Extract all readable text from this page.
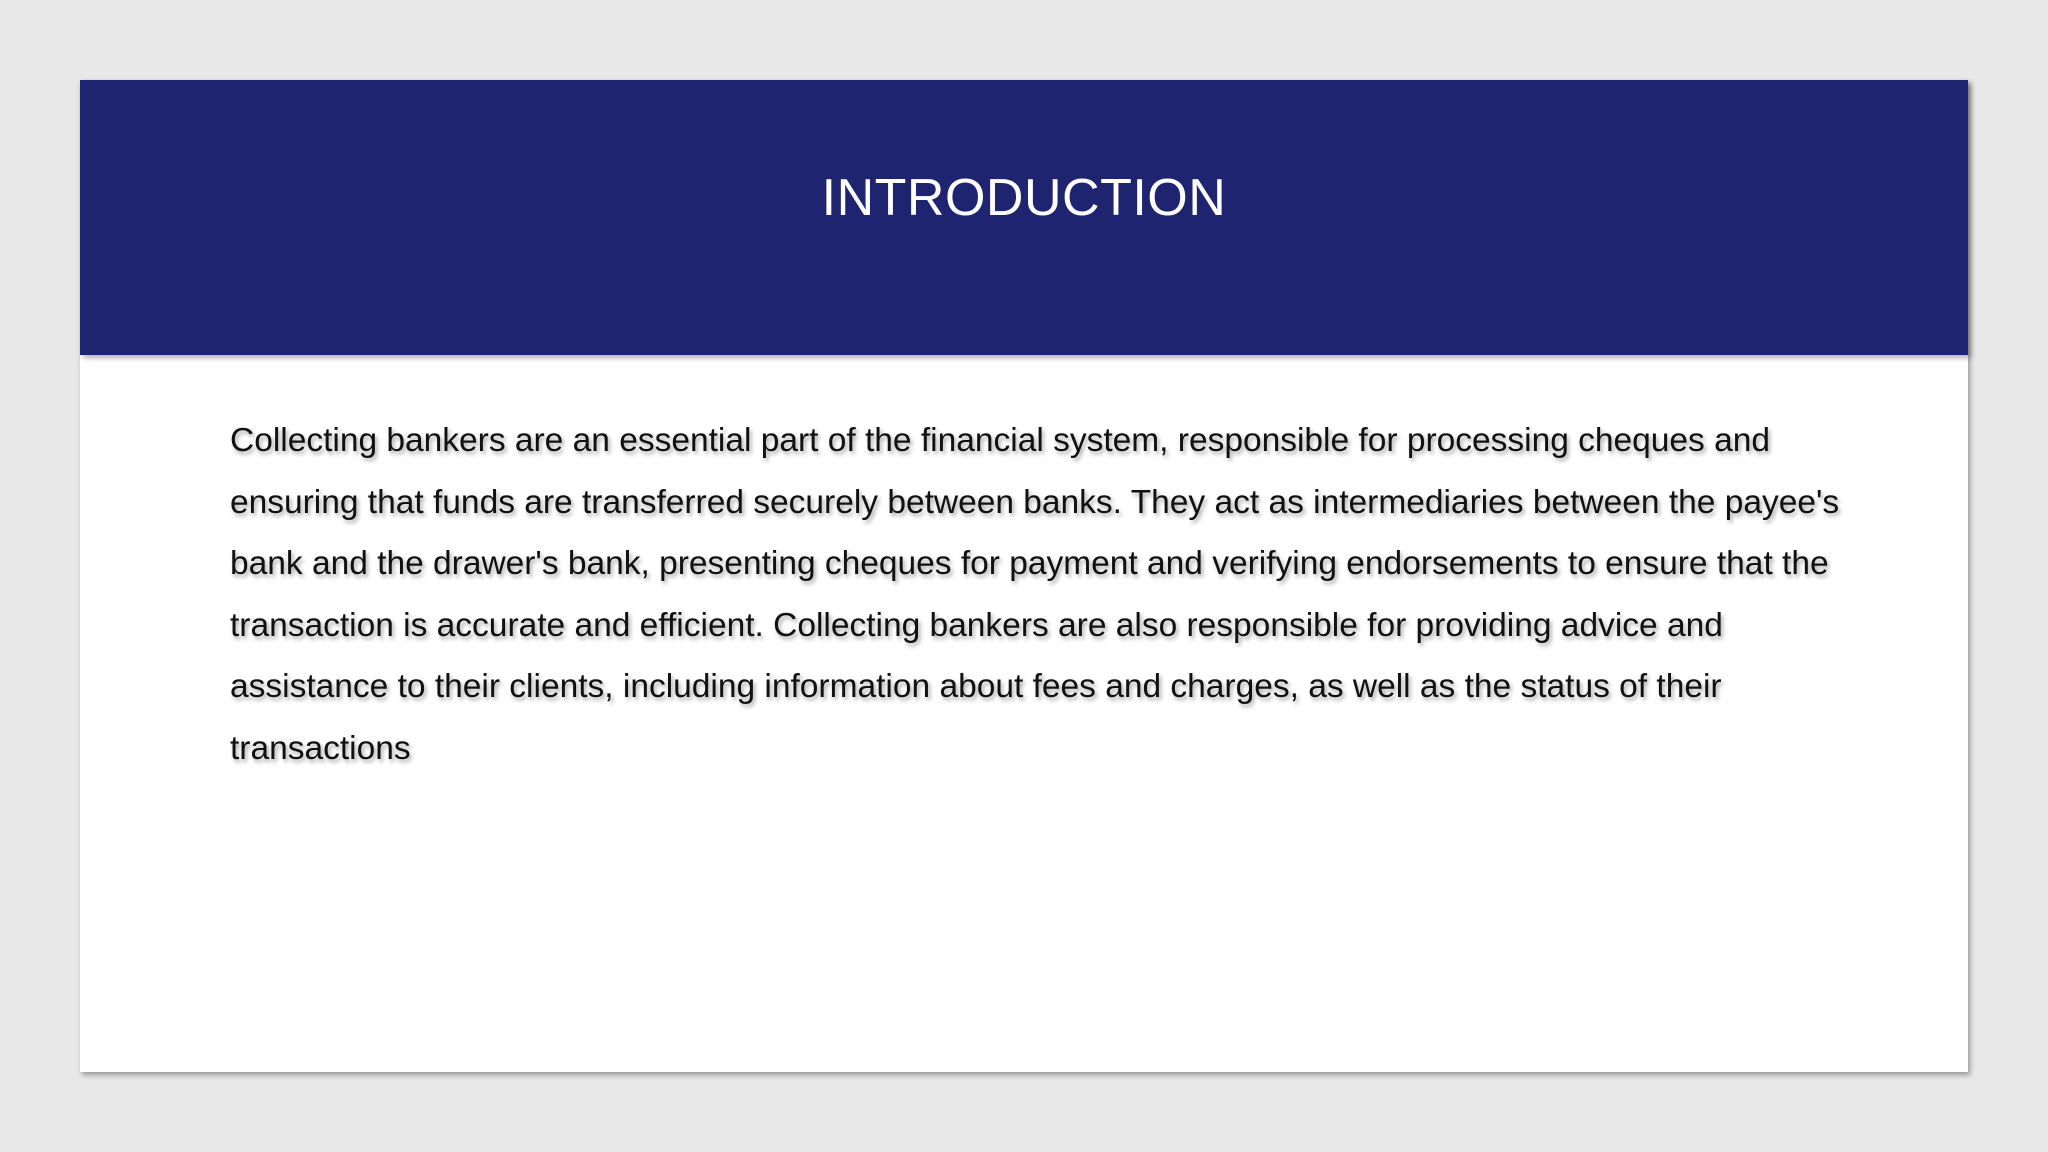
INTRODUCTION

Collecting bankers are an essential part of the financial system, responsible for processing cheques and ensuring that funds are transferred securely between banks. They act as intermediaries between the payee's bank and the drawer's bank, presenting cheques for payment and verifying endorsements to ensure that the transaction is accurate and efficient. Collecting bankers are also responsible for providing advice and assistance to their clients, including information about fees and charges, as well as the status of their transactions
